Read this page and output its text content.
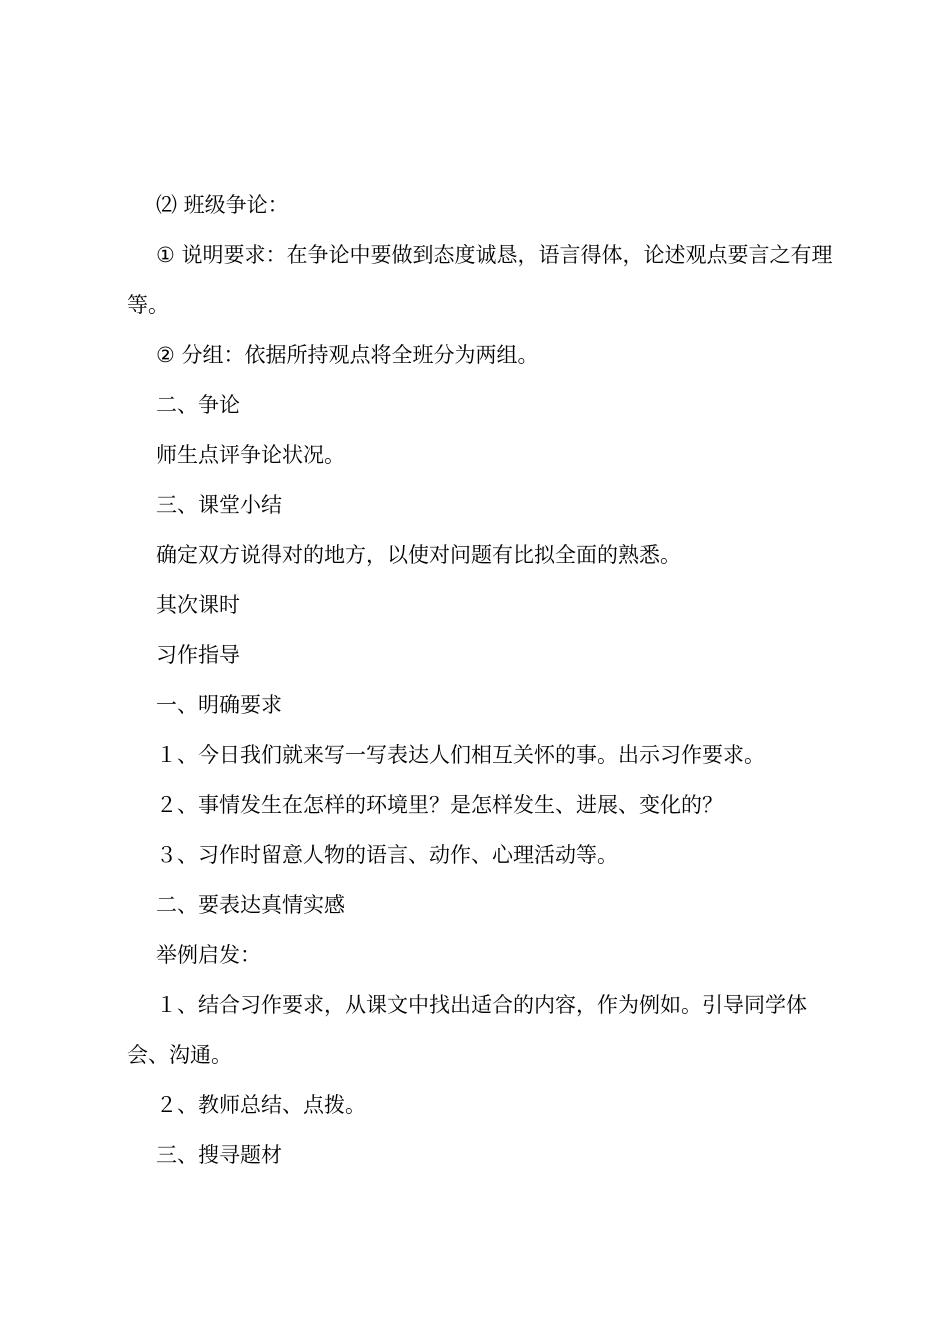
⑵ 班级争论：

① 说明要求：在争论中要做到态度诚恳，语言得体，论述观点要言之有理等。

② 分组：依据所持观点将全班分为两组。

二、争论

师生点评争论状况。

三、课堂小结

确定双方说得对的地方，以使对问题有比拟全面的熟悉。

其次课时

习作指导

一、明确要求

１、今日我们就来写一写表达人们相互关怀的事。出示习作要求。

２、事情发生在怎样的环境里？是怎样发生、进展、变化的？

３、习作时留意人物的语言、动作、心理活动等。

二、要表达真情实感

举例启发：

１、结合习作要求，从课文中找出适合的内容，作为例如。引导同学体会、沟通。

２、教师总结、点拨。

三、搜寻题材
